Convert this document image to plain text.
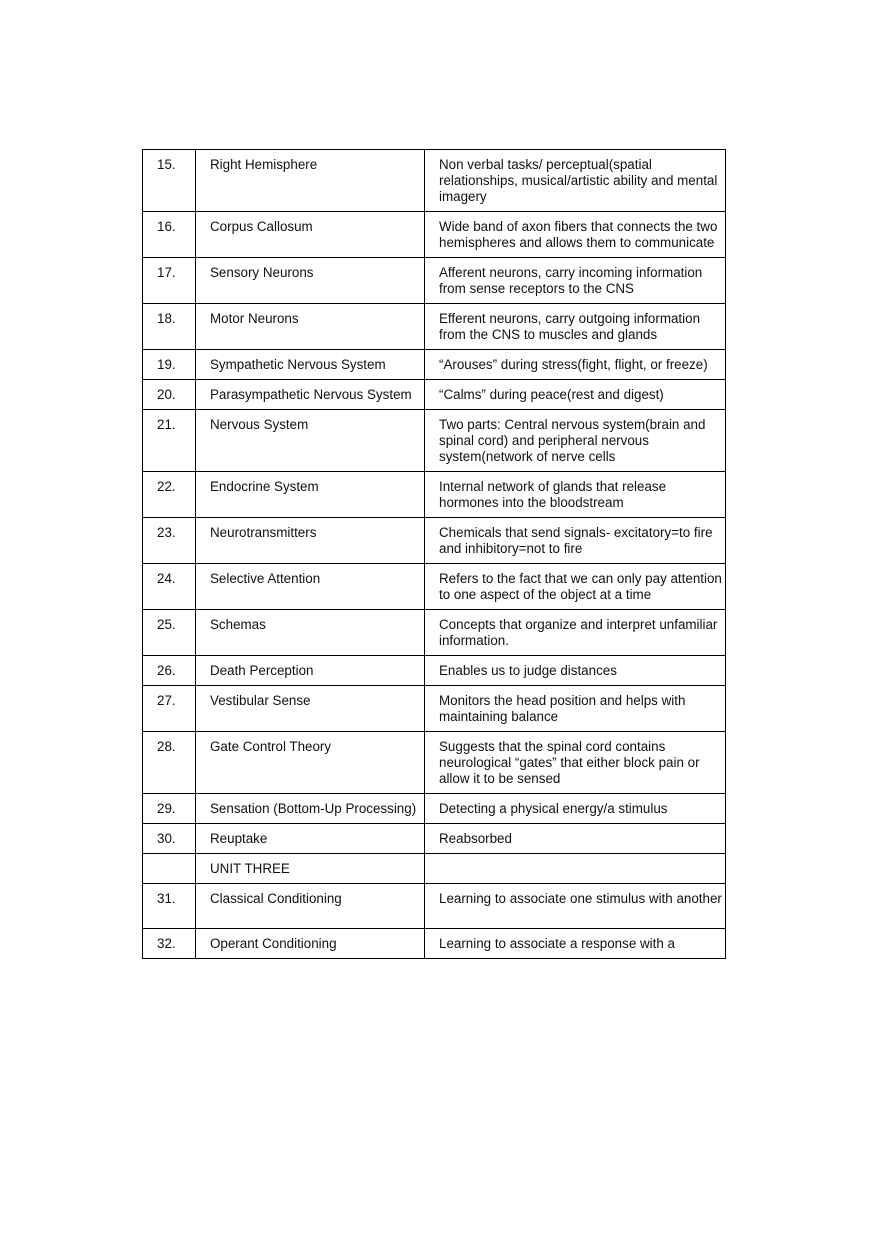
15.	Right Hemisphere	Non verbal tasks/ perceptual(spatial relationships, musical/artistic ability and mental imagery
16.	Corpus Callosum	Wide band of axon fibers that connects the two hemispheres and allows them to communicate
17.	Sensory Neurons	Afferent neurons, carry incoming information from sense receptors to the CNS
18.	Motor Neurons	Efferent neurons, carry outgoing information from the CNS to muscles and glands
19.	Sympathetic Nervous System	“Arouses” during stress(fight, flight, or freeze)
20.	Parasympathetic Nervous System	“Calms” during peace(rest and digest)
21.	Nervous System	Two parts: Central nervous system(brain and spinal cord) and peripheral nervous system(network of nerve cells
22.	Endocrine System	Internal network of glands that release hormones into the bloodstream
23.	Neurotransmitters	Chemicals that send signals- excitatory=to fire and inhibitory=not to fire
24.	Selective Attention	Refers to the fact that we can only pay attention to one aspect of the object at a time
25.	Schemas	Concepts that organize and interpret unfamiliar information.
26.	Death Perception	Enables us to judge distances
27.	Vestibular Sense	Monitors the head position and helps with maintaining balance
28.	Gate Control Theory	Suggests that the spinal cord contains neurological “gates” that either block pain or allow it to be sensed
29.	Sensation (Bottom-Up Processing)	Detecting a physical energy/a stimulus
30.	Reuptake	Reabsorbed
	UNIT THREE	
31.	Classical Conditioning	Learning to associate one stimulus with another
32.	Operant Conditioning	Learning to associate a response with a
